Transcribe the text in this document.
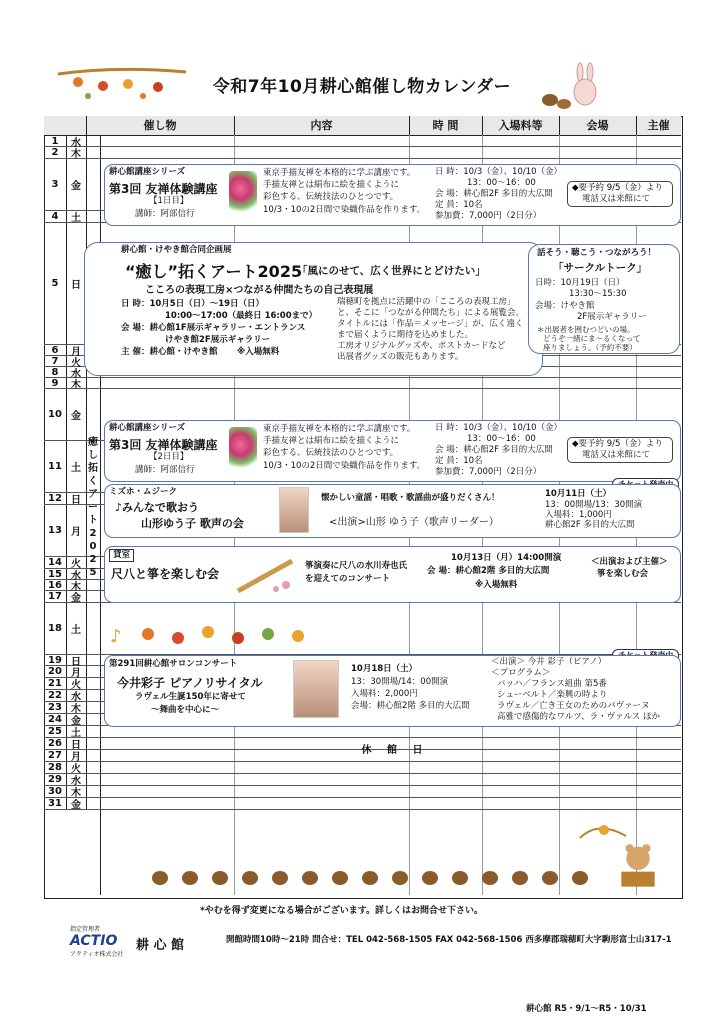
令和7年10月耕心館催し物カレンダー
催し物	内容	時 間	入場料等	会場	主催
1	水
2	木
3	金
4	土
5	日
6	月
7	火
8	水
9	木
10 金
11 土
12 日
13 月
14 火
15 水
16 木
17 金
18 土
19 日
20 月
21 火
22 水
23 木
24 金
25 土
26 日
27 月
28 火
29 水
30 木
31 金
耕心館講座シリーズ
第3回 友禅体験講座
【1日目】
講師：阿部信行
東京手描友禅を本格的に学ぶ講座です。
手描友禅とは絹布に絵を描くように
彩色する、伝統技法のひとつです。
10/3・10の2日間で染織作品を作ります。
日 時：10/3（金）、10/10（金）
13：00〜16：00
会 場：耕心館2F 多目的大広間
定 員：10名
参加費：7,000円（2日分）
◆要予約 9/5（金）より
電話又は来館にて
耕心館・けやき館合同企画展
“癒し”拓くアート2025
「風にのせて、広く世界にとどけたい」
こころの表現工房×つながる仲間たちの自己表現展
日 時：10月5日（日）〜19日（日）
10:00〜17:00（最終日 16:00まで）
会 場：耕心館1F展示ギャラリー・エントランス
けやき館2F展示ギャラリー
主 催：耕心館・けやき館 ※入場無料
瑞穂町を拠点に活躍中の「こころの表現工房」
と、そこに「つながる仲間たち」による展覧会。
タイトルには「作品＝メッセージ」が、広く遠く
まで届くように期待を込めました。
工房オリジナルグッズや、ポストカードなど
出展者グッズの販売もあります。
話そう・聴こう・つながろう！
「サークルトーク」
日時：10月19日（日）
13:30〜15:30
会場：けやき館
2F展示ギャラリー
＊出展者を囲むつどいの場。
どうぞ一緒にま〜るくなって
座りましょう。（予約不要）
癒
し
拓
く
ア
ー
ト
2
0
2
5
耕心館講座シリーズ
第3回 友禅体験講座
【2日目】
講師：阿部信行
東京手描友禅を本格的に学ぶ講座です。
手描友禅とは絹布に絵を描くように
彩色する、伝統技法のひとつです。
10/3・10の2日間で染織作品を作ります。
日 時：10/3（金）、10/10（金）
13：00〜16：00
会 場：耕心館2F 多目的大広間
定 員：10名
参加費：7,000円（2日分）
◆要予約 9/5（金）より
電話又は来館にて
ミズホ・ムジーク
♪みんなで歌おう
山形ゆう子 歌声の会
懐かしい童謡・唱歌・歌謡曲が盛りだくさん！
<出演>山形 ゆう子（歌声リーダー）
10月11日（土）
13：00開場/13：30開演
入場料：1,000円
耕心館2F 多目的大広間
貸室
尺八と箏を楽しむ会
箏演奏に尺八の水川寿也氏
を迎えてのコンサート
10月13日（月）14:00開演
会 場：耕心館2階 多目的大広間
※入場無料
＜出演および主催＞
箏を楽しむ会
♪
第291回耕心館サロンコンサート
今井彩子 ピアノリサイタル
ラヴェル生誕150年に寄せて
〜舞曲を中心に〜
10月18日（土）
13：30開場/14：00開演
入場料：2,000円
会場：耕心館2階 多目的大広間
＜出演＞ 今井 彩子（ピアノ）
＜プログラム＞
バッハ／フランス組曲 第5番
シューベルト／楽興の時より
ラヴェル／亡き王女のためのパヴァーヌ
高雅で感傷的なワルツ、ラ・ヴァルス ほか
休 館 日
*やむを得ず変更になる場合がございます。詳しくはお問合せ下さい。
指定管理者
ACTIO
アクティオ株式会社
耕 心 館	開館時間10時〜21時 問合せ：TEL 042-568-1505 FAX 042-568-1506 西多摩郡瑞穂町大字駒形富士山317-1
耕心館 R5・9/1〜R5・10/31
